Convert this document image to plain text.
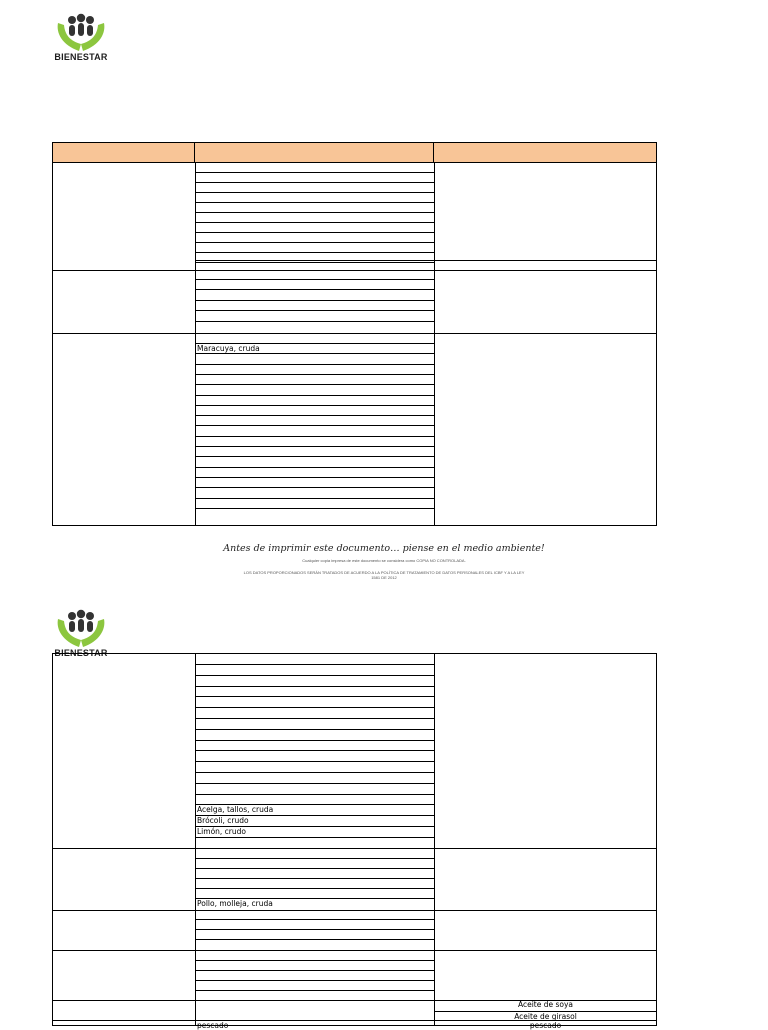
BIENESTAR
Maracuya, cruda
Antes de imprimir este documento… piense en el medio ambiente!
Cualquier copia impresa de este documento se considera como COPIA NO CONTROLADA.
LOS DATOS PROPORCIONADOS SERÁN TRATADOS DE ACUERDO A LA POLÍTICA DE TRATAMIENTO DE DATOS PERSONALES DEL ICBF Y A LA LEY
1581 DE 2012
BIENESTAR
Acelga, tallos, cruda
Brócoli, crudo
Limón, crudo
Pollo, molleja, cruda
Aceite de soya
Aceite de girasol
pescado	pescado
